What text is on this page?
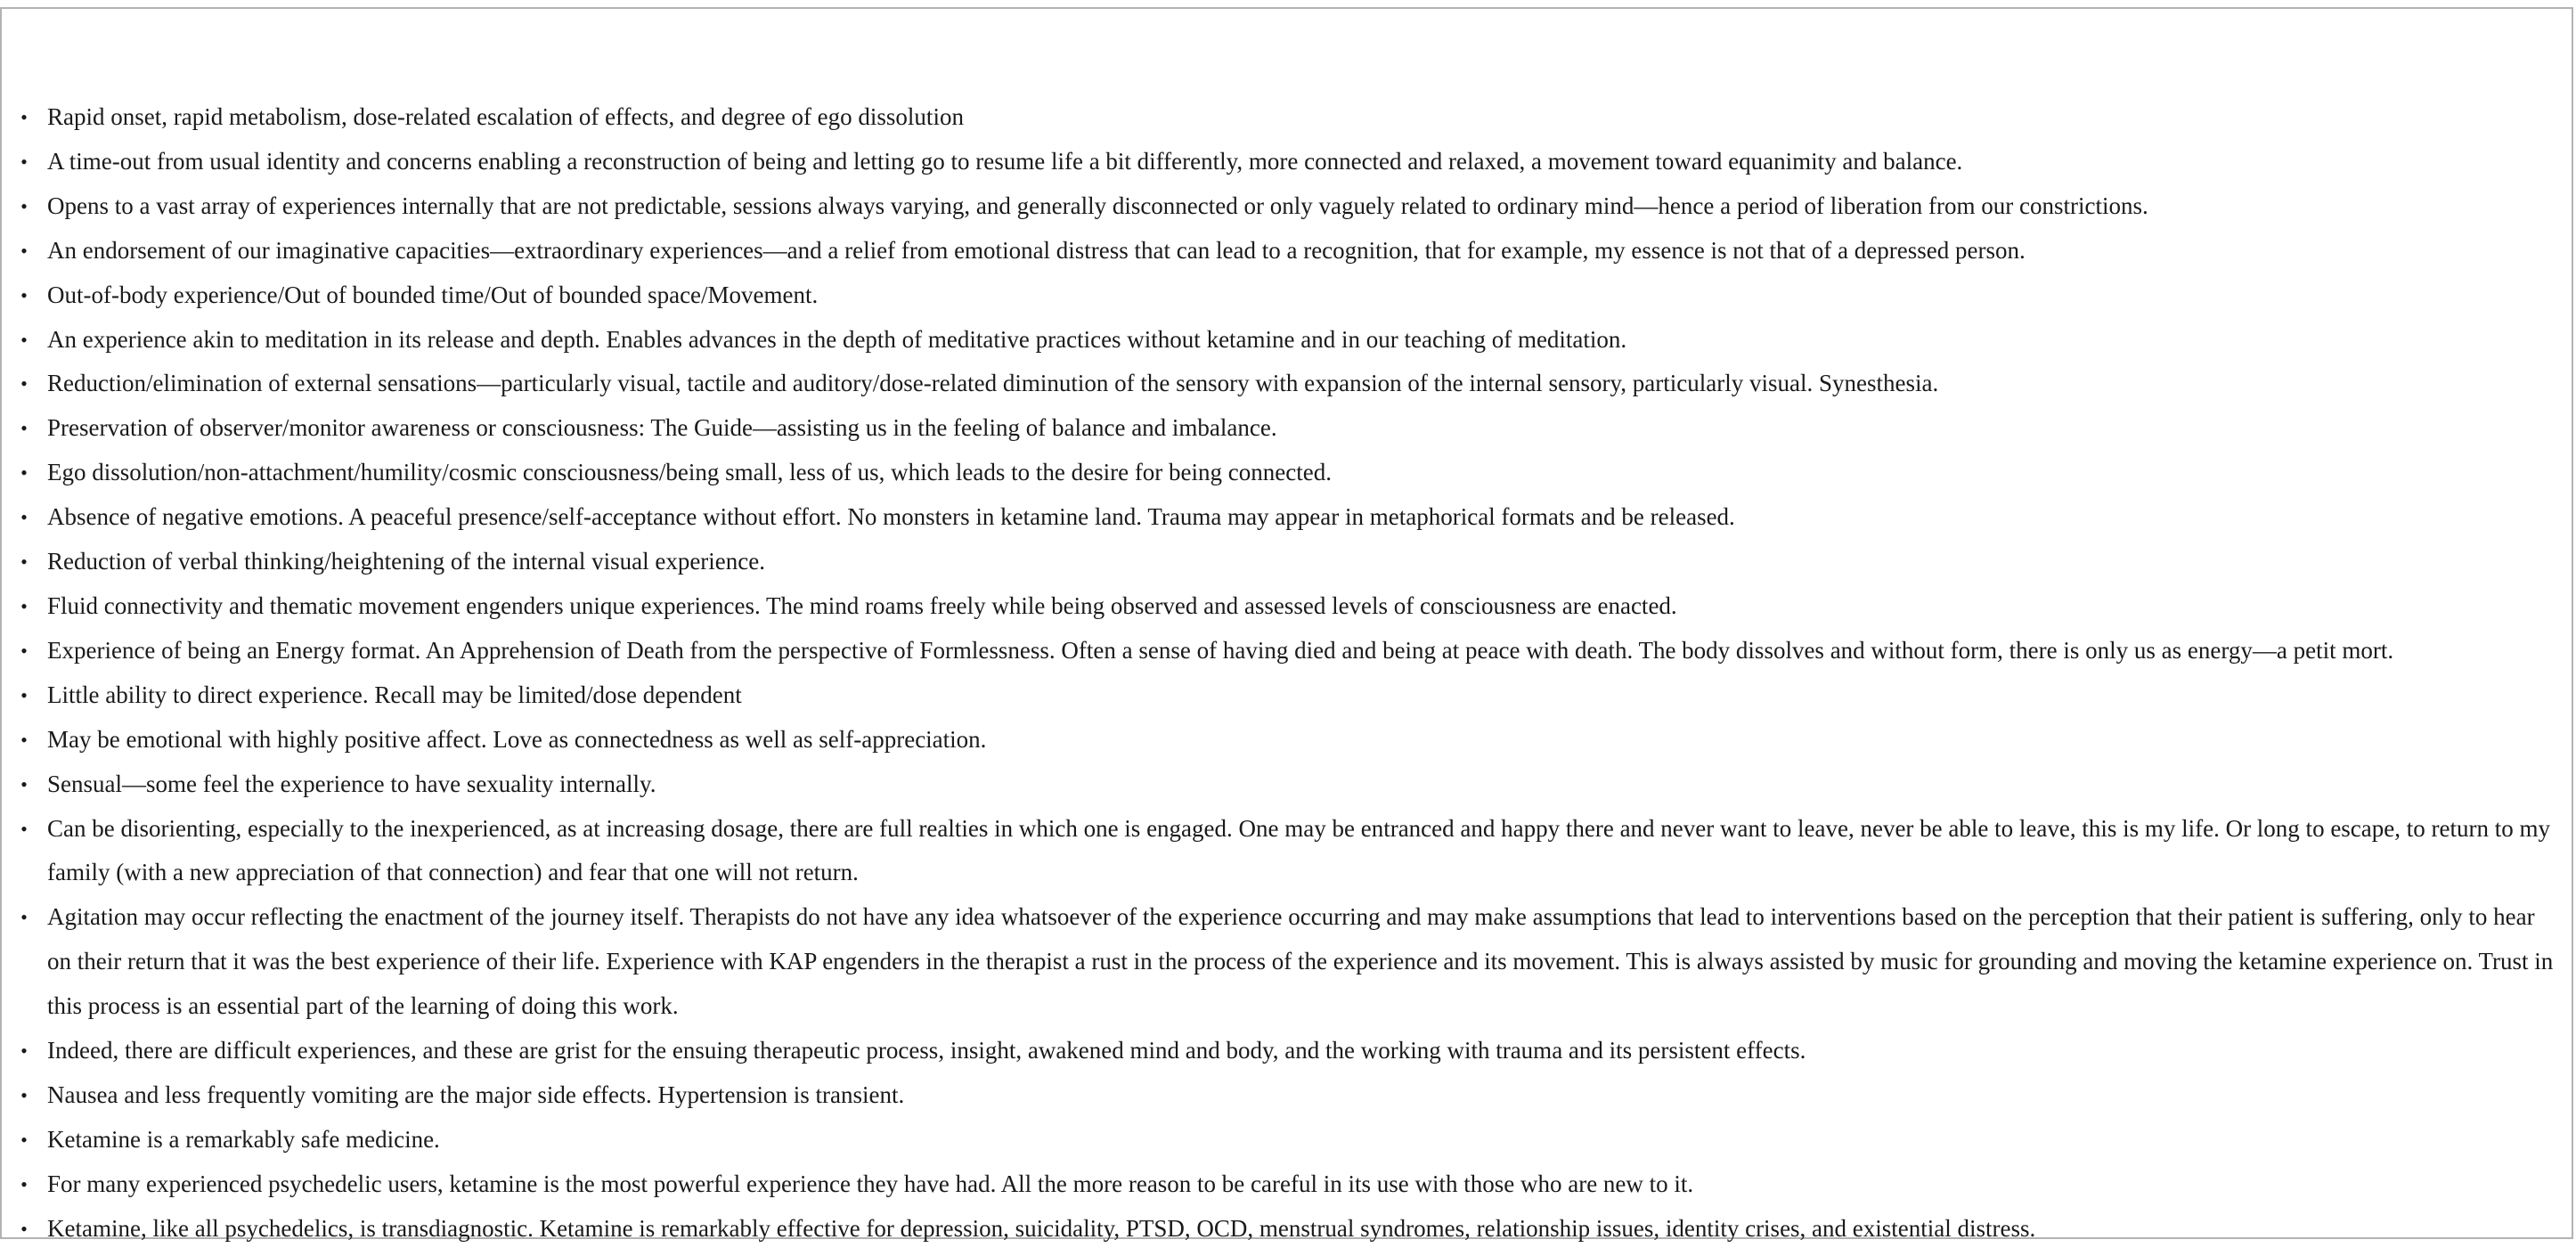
• Rapid onset, rapid metabolism, dose-related escalation of effects, and degree of ego dissolution
• A time-out from usual identity and concerns enabling a reconstruction of being and letting go to resume life a bit differently, more connected and relaxed, a movement toward equanimity and balance.
• Opens to a vast array of experiences internally that are not predictable, sessions always varying, and generally disconnected or only vaguely related to ordinary mind—hence a period of liberation from our constrictions.
• An endorsement of our imaginative capacities—extraordinary experiences—and a relief from emotional distress that can lead to a recognition, that for example, my essence is not that of a depressed person.
• Out-of-body experience/Out of bounded time/Out of bounded space/Movement.
• An experience akin to meditation in its release and depth. Enables advances in the depth of meditative practices without ketamine and in our teaching of meditation.
• Reduction/elimination of external sensations—particularly visual, tactile and auditory/dose-related diminution of the sensory with expansion of the internal sensory, particularly visual. Synesthesia.
• Preservation of observer/monitor awareness or consciousness: The Guide—assisting us in the feeling of balance and imbalance.
• Ego dissolution/non-attachment/humility/cosmic consciousness/being small, less of us, which leads to the desire for being connected.
• Absence of negative emotions. A peaceful presence/self-acceptance without effort. No monsters in ketamine land. Trauma may appear in metaphorical formats and be released.
• Reduction of verbal thinking/heightening of the internal visual experience.
• Fluid connectivity and thematic movement engenders unique experiences. The mind roams freely while being observed and assessed levels of consciousness are enacted.
• Experience of being an Energy format. An Apprehension of Death from the perspective of Formlessness. Often a sense of having died and being at peace with death. The body dissolves and without form, there is only us as energy—a petit mort.
• Little ability to direct experience. Recall may be limited/dose dependent
• May be emotional with highly positive affect. Love as connectedness as well as self-appreciation.
• Sensual—some feel the experience to have sexuality internally.
• Can be disorienting, especially to the inexperienced, as at increasing dosage, there are full realties in which one is engaged. One may be entranced and happy there and never want to leave, never be able to leave, this is my life. Or long to escape, to return to my family (with a new appreciation of that connection) and fear that one will not return.
• Agitation may occur reflecting the enactment of the journey itself. Therapists do not have any idea whatsoever of the experience occurring and may make assumptions that lead to interventions based on the perception that their patient is suffering, only to hear on their return that it was the best experience of their life. Experience with KAP engenders in the therapist a rust in the process of the experience and its movement. This is always assisted by music for grounding and moving the ketamine experience on. Trust in this process is an essential part of the learning of doing this work.
• Indeed, there are difficult experiences, and these are grist for the ensuing therapeutic process, insight, awakened mind and body, and the working with trauma and its persistent effects.
• Nausea and less frequently vomiting are the major side effects. Hypertension is transient.
• Ketamine is a remarkably safe medicine.
• For many experienced psychedelic users, ketamine is the most powerful experience they have had. All the more reason to be careful in its use with those who are new to it.
• Ketamine, like all psychedelics, is transdiagnostic. Ketamine is remarkably effective for depression, suicidality, PTSD, OCD, menstrual syndromes, relationship issues, identity crises, and existential distress.
